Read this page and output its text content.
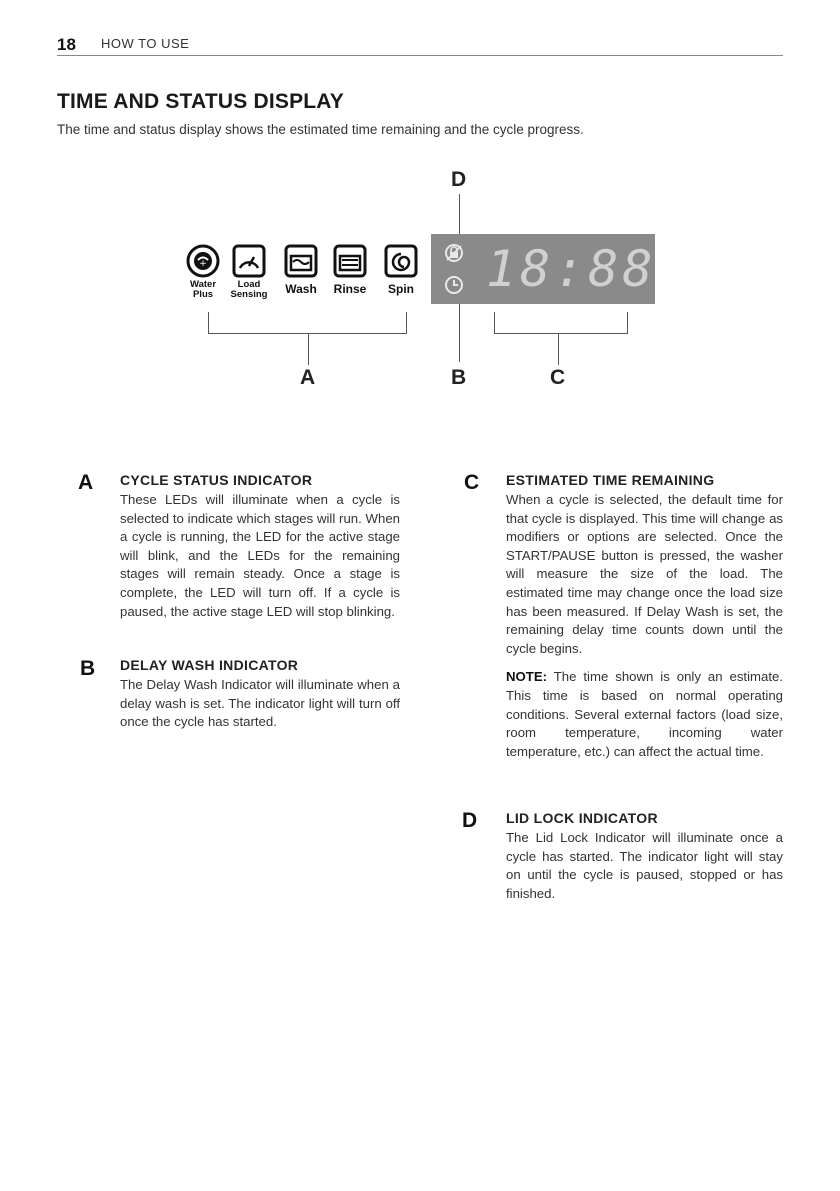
18 HOW TO USE
TIME AND STATUS DISPLAY
The time and status display shows the estimated time remaining and the cycle progress.
D
+
Water
Plus
Load
Sensing	Wash	Rinse	Spin
A
18:88
B	C
A CYCLE STATUS INDICATOR
These LEDs will illuminate when a cycle is selected to indicate which stages will run. When a cycle is running, the LED for the active stage will blink, and the LEDs for the remaining stages will remain steady. Once a stage is complete, the LED will turn off. If a cycle is paused, the active stage LED will stop blinking.
B DELAY WASH INDICATOR
The Delay Wash Indicator will illuminate when a delay wash is set. The indicator light will turn off once the cycle has started.
C ESTIMATED TIME REMAINING

When a cycle is selected, the default time for that cycle is displayed. This time will change as modifiers or options are selected. Once the START/PAUSE button is pressed, the washer will measure the size of the load. The estimated time may change once the load size has been measured. If Delay Wash is set, the remaining delay time counts down until the cycle begins.

NOTE: The time shown is only an estimate. This time is based on normal operating conditions. Several external factors (load size, room temperature, incoming water temperature, etc.) can affect the actual time.

D LID LOCK INDICATOR
The Lid Lock Indicator will illuminate once a cycle has started. The indicator light will stay on until the cycle is paused, stopped or has finished.
